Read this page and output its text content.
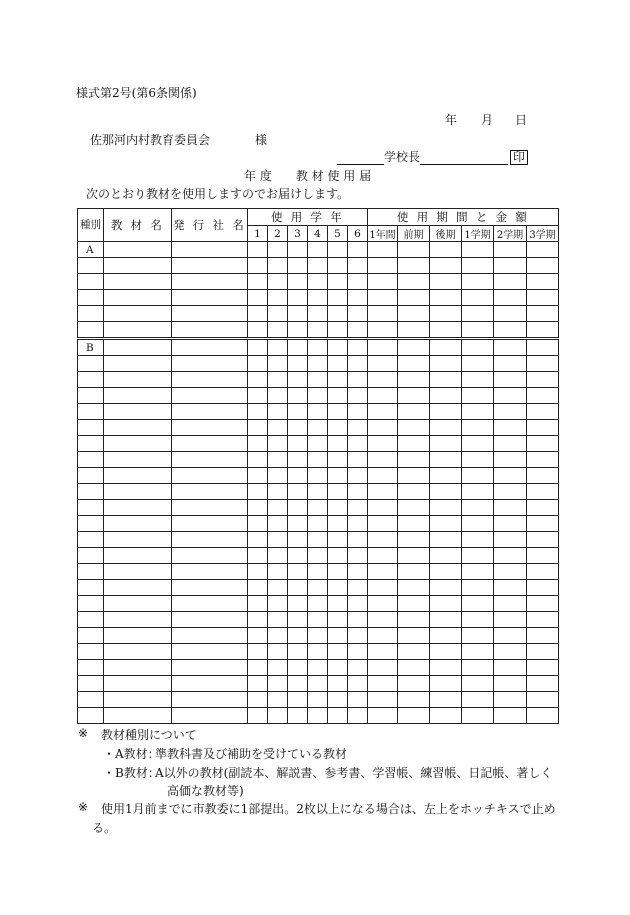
様式第2号(第6条関係)
年 月 日
佐那河内村教育委員会	様
学校長	印
年 度　　教 材 使 用 届
次のとおり教材を使用しますのでお届けします。
種別	教 材 名	発 行 社 名	使 用 学 年						使 用 期 間 と 金 額					
			1	2	3	4	5	6	1年間	前期	後期	1学期	2学期	3学期
A														

B														

※ 教材種別について
・A教材：
準教科書及び補助を受けている教材
・B教材：
A以外の教材(副読本、解説書、参考書、学習帳、練習帳、日記帳、著しく
高価な教材等)
※ 使用1月前までに市教委に1部提出。2枚以上になる場合は、左上をホッチキスで止め
る。
